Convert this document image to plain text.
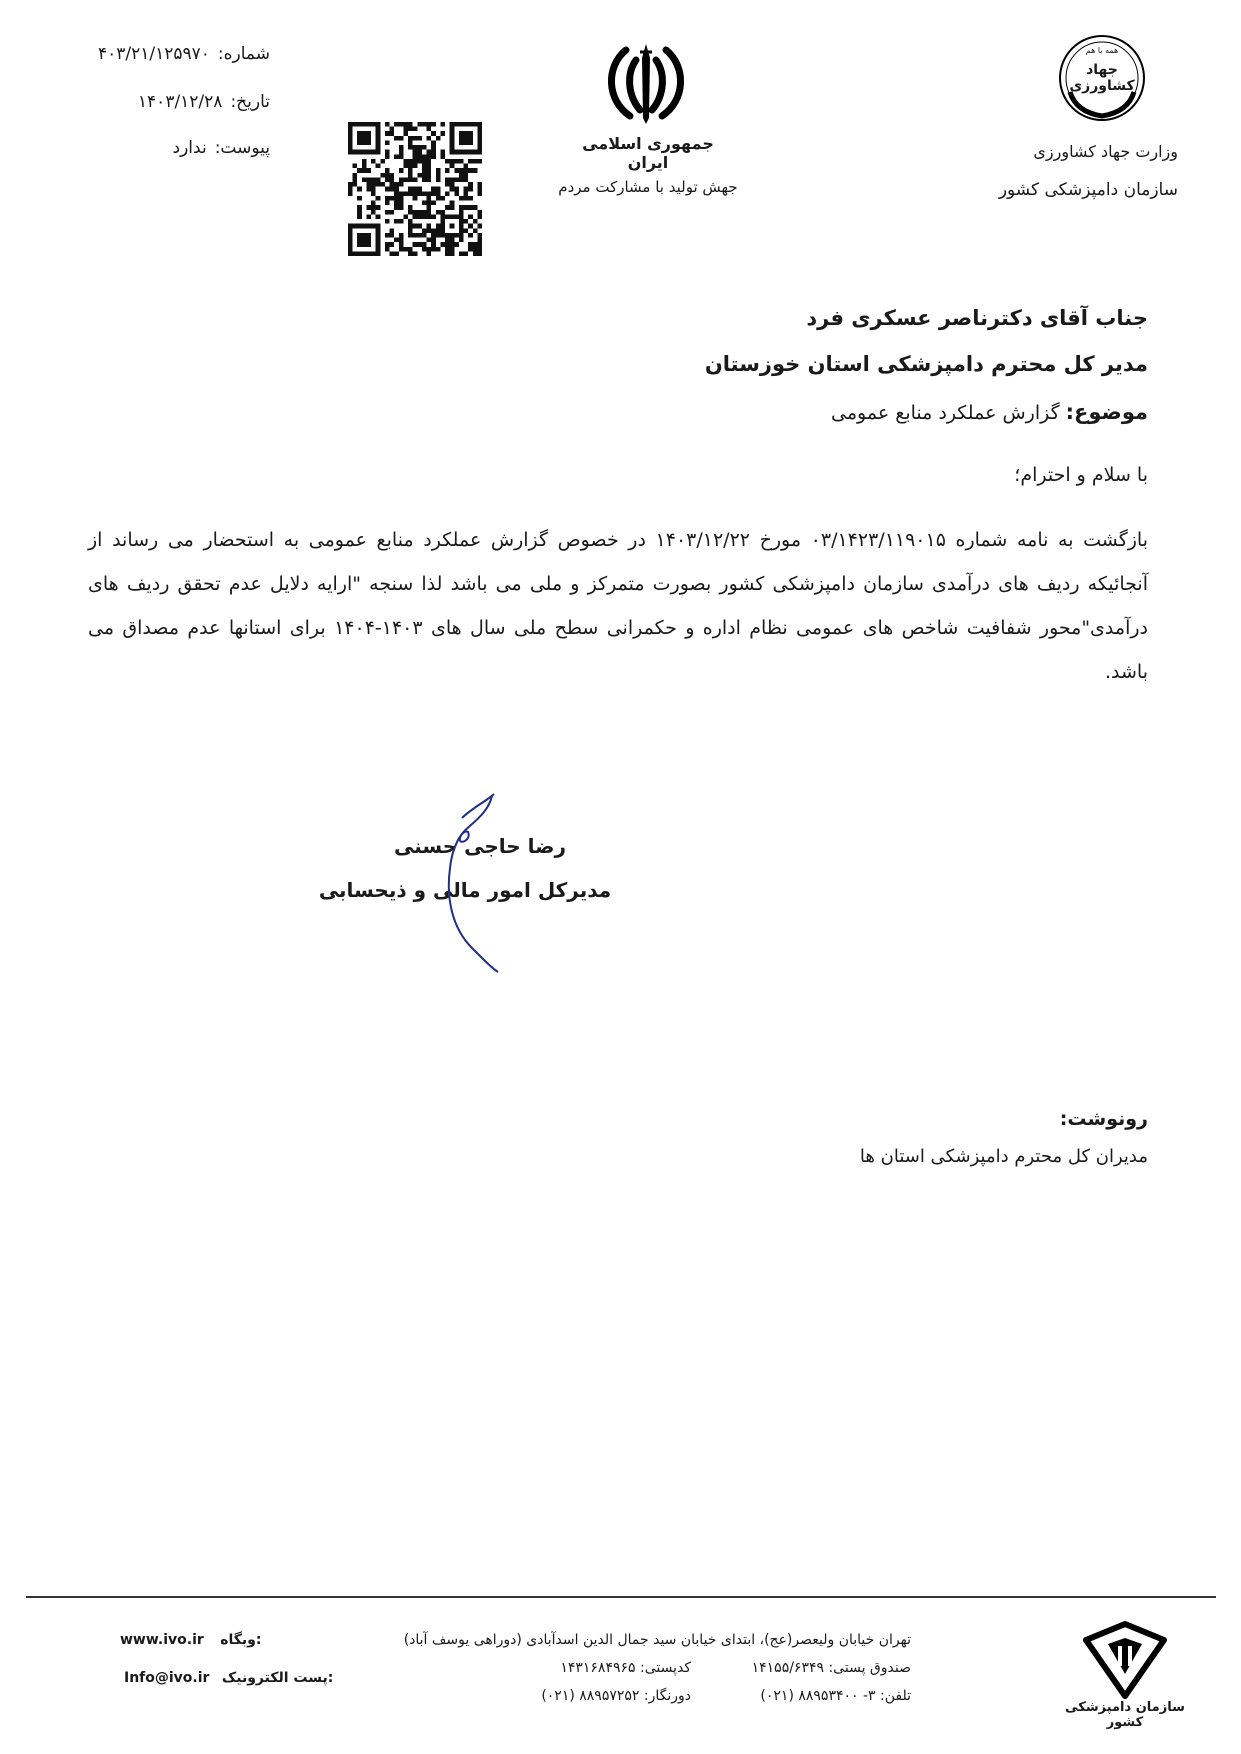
شماره:۴۰۳/۲۱/۱۲۵۹۷۰
تاریخ:۱۴۰۳/۱۲/۲۸
پیوست:ندارد	جمهوری اسلامی ایران
جهش تولید با مشارکت مردم
همه با هم
جهاد کشاورزی
وزارت جهاد کشاورزی
سازمان دامپزشکی کشور
جناب آقای دکترناصر عسکری فرد
مدیر کل محترم دامپزشکی استان خوزستان
موضوع:گزارش عملکرد منابع عمومی
با سلام و احترام؛
بازگشت به نامه شماره ۰۳/۱۴۲۳/۱۱۹۰۱۵ مورخ ۱۴۰۳/۱۲/۲۲ در خصوص گزارش عملکرد منابع عمومی به استحضار می رساند از آنجائیکه ردیف های درآمدی سازمان دامپزشکی کشور بصورت متمرکز و ملی می باشد لذا سنجه "ارایه دلایل عدم تحقق ردیف های درآمدی"محور شفافیت شاخص های عمومی نظام اداره و حکمرانی سطح ملی سال های ۱۴۰۳-۱۴۰۴ برای استانها عدم مصداق می باشد.
رضا حاجی حسنی
مدیرکل امور مالی و ذیحسابی
رونوشت:
مدیران کل محترم دامپزشکی استان ها
تهران خیابان ولیعصر(عج)، ابتدای خیابان سید جمال الدین اسدآبادی (دوراهی یوسف آباد)
صندوق پستی: ۱۴۱۵۵/۶۳۴۹
کدپستی: ۱۴۳۱۶۸۴۹۶۵
تلفن: ۳- ۸۸۹۵۳۴۰۰ (۰۲۱)
دورنگار: ۸۸۹۵۷۲۵۲ (۰۲۱)
www.ivo.ir وبگاه:
Info@ivo.ir پست الکترونیک:
سازمان دامپزشکی کشور
